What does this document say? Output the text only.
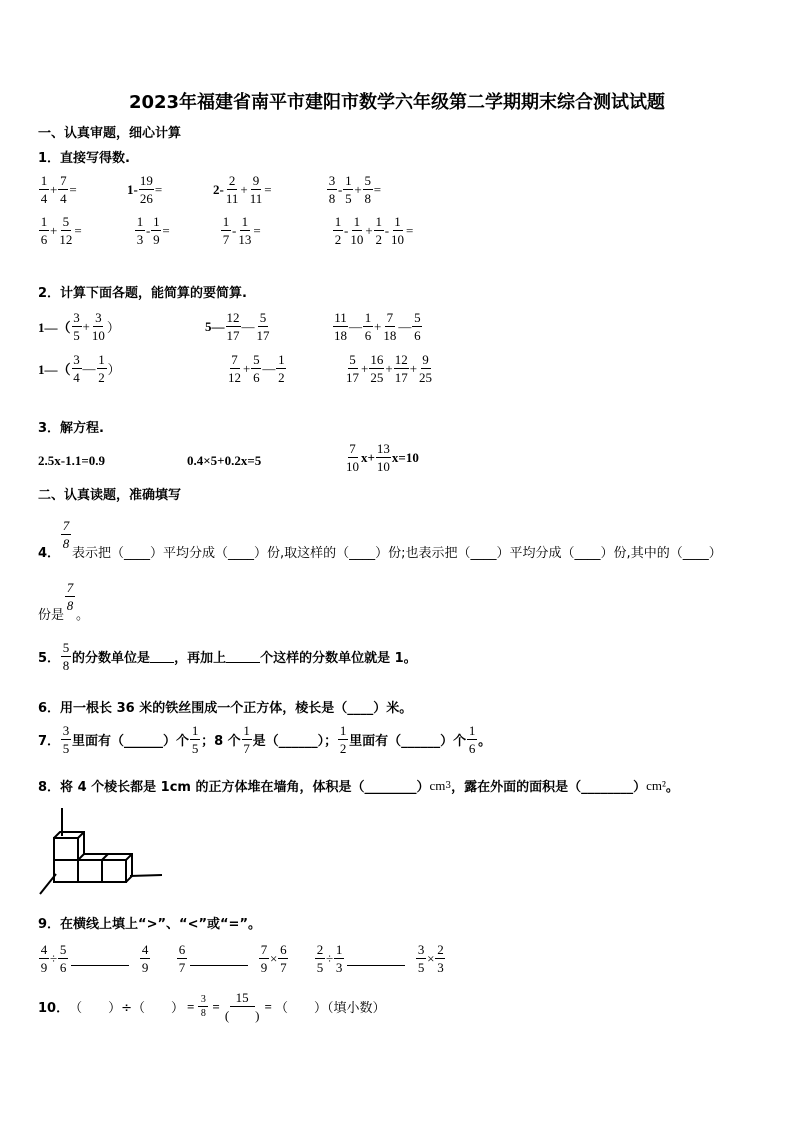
2023年福建省南平市建阳市数学六年级第二学期期末综合测试试题
一、认真审题，细心计算
1．直接写得数.
$\frac{1}{4} + \frac{7}{4}$ =	$1- \frac{19}{26}$ =	$2- \frac{2}{11} + \frac{9}{11}$ =	$\frac{3}{8} - \frac{1}{5} + \frac{5}{8}$ =
$\frac{1}{6} + \frac{5}{12}$ =	$\frac{1}{3} - \frac{1}{9}$ =	$\frac{1}{7} - \frac{1}{13}$ =	$\frac{1}{2} - \frac{1}{10} + \frac{1}{2} - \frac{1}{10}$ =
2．计算下面各题，能简算的要简算.
1—（ $\frac{3}{5} + \frac{3}{10}$ ）	5— $\frac{12}{17}$ — $\frac{5}{17}$	$\frac{11}{18}$ — $\frac{1}{6} + \frac{7}{18}$ — $\frac{5}{6}$
1—（ $\frac{3}{4}$ — $\frac{1}{2}$ ）	$\frac{7}{12} + \frac{5}{6}$ — $\frac{1}{2}$	$\frac{5}{17} + \frac{16}{25} + \frac{12}{17} + \frac{9}{25}$
3．解方程.
2.5x-1.1=0.9	0.4×5+0.2x=5	$\frac{7}{10} x+ \frac{13}{10} x=10$
二、认真读题，准确填写
4．
$\frac{7}{8}$
表示把（____）平均分成（____）份,取这样的（____）份;也表示把（____）平均分成（____）份,其中的（____）
份是
$\frac{7}{8}$
。
5． $\frac{5}{8}$ 的分数单位是 ，再加上	个这样的分数单位就是 1。
6．用一根长 36 米的铁丝围成一个正方体，棱长是（____）米。
7． $\frac{3}{5}$ 里面有（______）个 $\frac{1}{5}$ ；8 个 $\frac{1}{7}$ 是（______）； $\frac{1}{2}$ 里面有（______）个 $\frac{1}{6}$ 。
8．将 4 个棱长都是 1cm 的正方体堆在墙角，体积是（________） cm 3 ，露在外面的面积是（________） cm² 。
9．在横线上填上“>”、“<”或“=”。
$\frac{4}{9} \div \frac{5}{6}$	$\frac{4}{9} \frac{6}{7}$	$\frac{7}{9} \times \frac{6}{7} \frac{2}{5} \div \frac{1}{3}$	$\frac{3}{5} \times \frac{2}{3}$
10． （　　）÷（　　） = $\frac{3}{8} = \frac{15}{( )}$ = （　　）（填小数）
